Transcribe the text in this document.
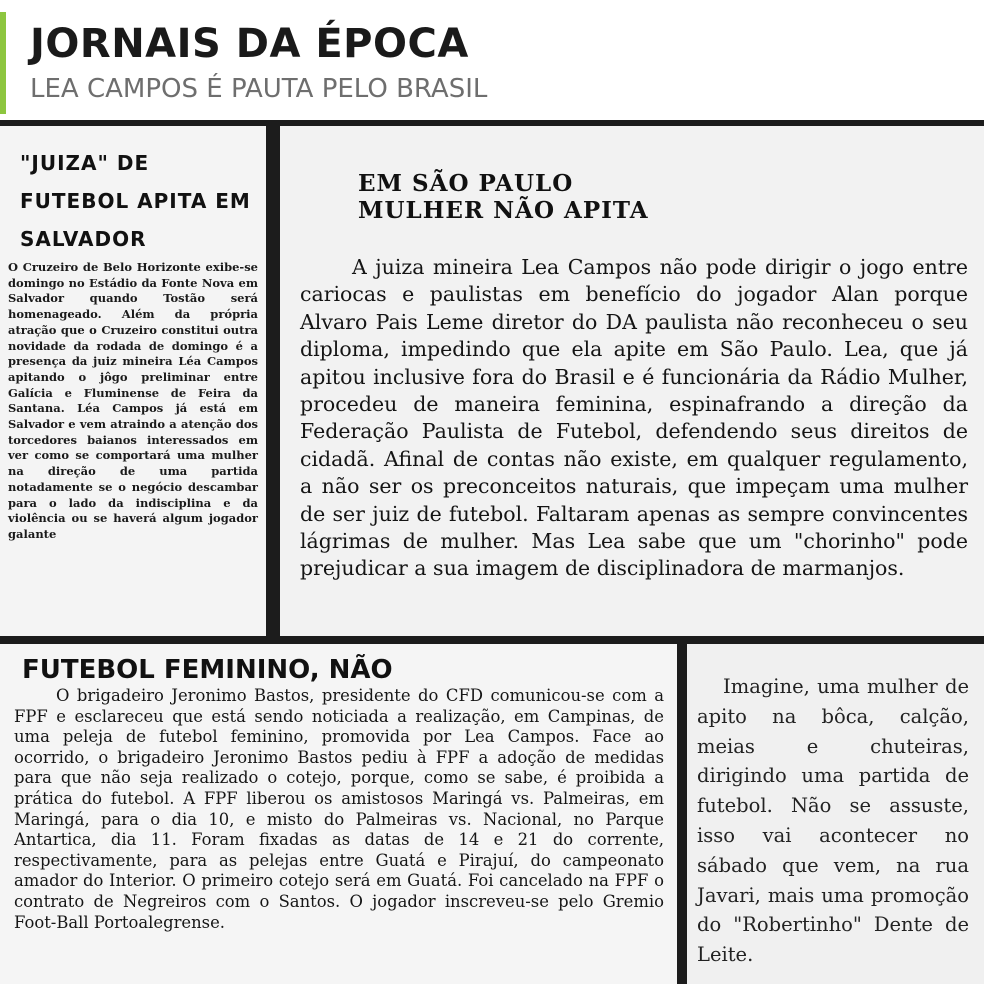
JORNAIS DA ÉPOCA
LEA CAMPOS É PAUTA PELO BRASIL
"JUIZA" DE FUTEBOL APITA EM SALVADOR

O Cruzeiro de Belo Horizonte exibe-se domingo no Estádio da Fonte Nova em Salvador quando Tostão será homenageado. Além da própria atração que o Cruzeiro constitui outra novidade da rodada de domingo é a presença da juiz mineira Léa Campos apitando o jôgo preliminar entre Galícia e Fluminense de Feira da Santana. Léa Campos já está em Salvador e vem atraindo a atenção dos torcedores baianos interessados em ver como se comportará uma mulher na direção de uma partida notadamente se o negócio descambar para o lado da indisciplina e da violência ou se haverá algum jogador galante

EM SÃO PAULO MULHER NÃO APITA

A juiza mineira Lea Campos não pode dirigir o jogo entre cariocas e paulistas em benefício do jogador Alan porque Alvaro Pais Leme diretor do DA paulista não reconheceu o seu diploma, impedindo que ela apite em São Paulo. Lea, que já apitou inclusive fora do Brasil e é funcionária da Rádio Mulher, procedeu de maneira feminina, espinafrando a direção da Federação Paulista de Futebol, defendendo seus direitos de cidadã. Afinal de contas não existe, em qualquer regulamento, a não ser os preconceitos naturais, que impeçam uma mulher de ser juiz de futebol. Faltaram apenas as sempre convincentes lágrimas de mulher. Mas Lea sabe que um "chorinho" pode prejudicar a sua imagem de disciplinadora de marmanjos.

FUTEBOL FEMININO, NÃO

O brigadeiro Jeronimo Bastos, presidente do CFD comunicou-se com a FPF e esclareceu que está sendo noticiada a realização, em Campinas, de uma peleja de futebol feminino, promovida por Lea Campos. Face ao ocorrido, o brigadeiro Jeronimo Bastos pediu à FPF a adoção de medidas para que não seja realizado o cotejo, porque, como se sabe, é proibida a prática do futebol. A FPF liberou os amistosos Maringá vs. Palmeiras, em Maringá, para o dia 10, e misto do Palmeiras vs. Nacional, no Parque Antartica, dia 11. Foram fixadas as datas de 14 e 21 do corrente, respectivamente, para as pelejas entre Guatá e Pirajuí, do campeonato amador do Interior. O primeiro cotejo será em Guatá. Foi cancelado na FPF o contrato de Negreiros com o Santos. O jogador inscreveu-se pelo Gremio Foot-Ball Portoalegrense.

Imagine, uma mulher de apito na bôca, calção, meias e chuteiras, dirigindo uma partida de futebol. Não se assuste, isso vai acontecer no sábado que vem, na rua Javari, mais uma promoção do "Robertinho" Dente de Leite.
